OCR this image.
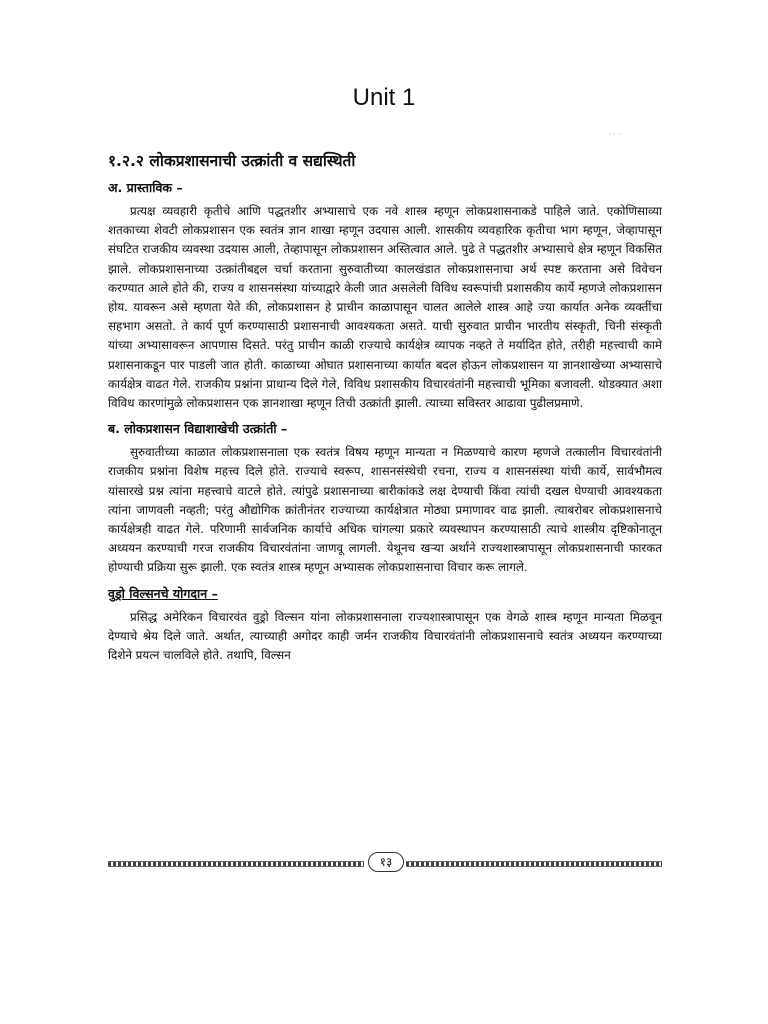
Unit 1
· · ·
१.२.२ लोकप्रशासनाची उत्क्रांती व सद्यस्थिती
अ. प्रास्ताविक –

प्रत्यक्ष व्यवहारी कृतीचे आणि पद्धतशीर अभ्यासाचे एक नवे शास्त्र म्हणून लोकप्रशासनाकडे पाहिले जाते. एकोणिसाव्या शतकाच्या शेवटी लोकप्रशासन एक स्वतंत्र ज्ञान शाखा म्हणून उदयास आली. शासकीय व्यवहारिक कृतीचा भाग म्हणून, जेव्हापासून संघटित राजकीय व्यवस्था उदयास आली, तेव्हापासून लोकप्रशासन अस्तित्वात आले. पुढे ते पद्धतशीर अभ्यासाचे क्षेत्र म्हणून विकसित झाले. लोकप्रशासनाच्या उत्क्रांतीबद्दल चर्चा करताना सुरुवातीच्या कालखंडात लोकप्रशासनाचा अर्थ स्पष्ट करताना असे विवेचन करण्यात आले होते की, राज्य व शासनसंस्था यांच्याद्वारे केली जात असलेली विविध स्वरूपांची प्रशासकीय कार्ये म्हणजे लोकप्रशासन होय. यावरून असे म्हणता येते की, लोकप्रशासन हे प्राचीन काळापासून चालत आलेले शास्त्र आहे ज्या कार्यात अनेक व्यक्तींचा सहभाग असतो. ते कार्य पूर्ण करण्यासाठी प्रशासनाची आवश्यकता असते. याची सुरुवात प्राचीन भारतीय संस्कृती, चिनी संस्कृती यांच्या अभ्यासावरून आपणास दिसते. परंतु प्राचीन काळी राज्याचे कार्यक्षेत्र व्यापक नव्हते ते मर्यादित होते, तरीही महत्त्वाची कामे प्रशासनाकडून पार पाडली जात होती. काळाच्या ओघात प्रशासनाच्या कार्यात बदल होऊन लोकप्रशासन या ज्ञानशाखेच्या अभ्यासाचे कार्यक्षेत्र वाढत गेले. राजकीय प्रश्नांना प्राधान्य दिले गेले, विविध प्रशासकीय विचारवंतांनी महत्त्वाची भूमिका बजावली. थोडक्यात अशा विविध कारणांमुळे लोकप्रशासन एक ज्ञानशाखा म्हणून तिची उत्क्रांती झाली. त्याच्या सविस्तर आढावा पुढीलप्रमाणे.

ब. लोकप्रशासन विद्याशाखेची उत्क्रांती –

सुरुवातीच्या काळात लोकप्रशासनाला एक स्वतंत्र विषय म्हणून मान्यता न मिळण्याचे कारण म्हणजे तत्कालीन विचारवंतांनी राजकीय प्रश्नांना विशेष महत्त्व दिले होते. राज्याचे स्वरूप, शासनसंस्थेची रचना, राज्य व शासनसंस्था यांची कार्ये, सार्वभौमत्व यांसारखे प्रश्न त्यांना महत्त्वाचे वाटले होते. त्यांपुढे प्रशासनाच्या बारीकांकडे लक्ष देण्याची किंवा त्यांची दखल घेण्याची आवश्यकता त्यांना जाणवली नव्हती; परंतु औद्योगिक क्रांतीनंतर राज्याच्या कार्यक्षेत्रात मोठ्या प्रमाणावर वाढ झाली. त्याबरोबर लोकप्रशासनाचे कार्यक्षेत्रही वाढत गेले. परिणामी सार्वजनिक कार्याचे अधिक चांगल्या प्रकारे व्यवस्थापन करण्यासाठी त्याचे शास्त्रीय दृष्टिकोनातून अध्ययन करण्याची गरज राजकीय विचारवंतांना जाणवू लागली. येथूनच खऱ्या अर्थाने राज्यशास्त्रापासून लोकप्रशासनाची फारकत होण्याची प्रक्रिया सुरू झाली. एक स्वतंत्र शास्त्र म्हणून अभ्यासक लोकप्रशासनाचा विचार करू लागले.

वुड्रो विल्सनचे योगदान –

प्रसिद्ध अमेरिकन विचारवंत वुड्रो विल्सन यांना लोकप्रशासनाला राज्यशास्त्रापासून एक वेगळे शास्त्र म्हणून मान्यता मिळवून देण्याचे श्रेय दिले जाते. अर्थात, त्याच्याही अगोदर काही जर्मन राजकीय विचारवंतांनी लोकप्रशासनाचे स्वतंत्र अध्ययन करण्याच्या दिशेने प्रयत्न चालविले होते. तथापि, विल्सन

१३
